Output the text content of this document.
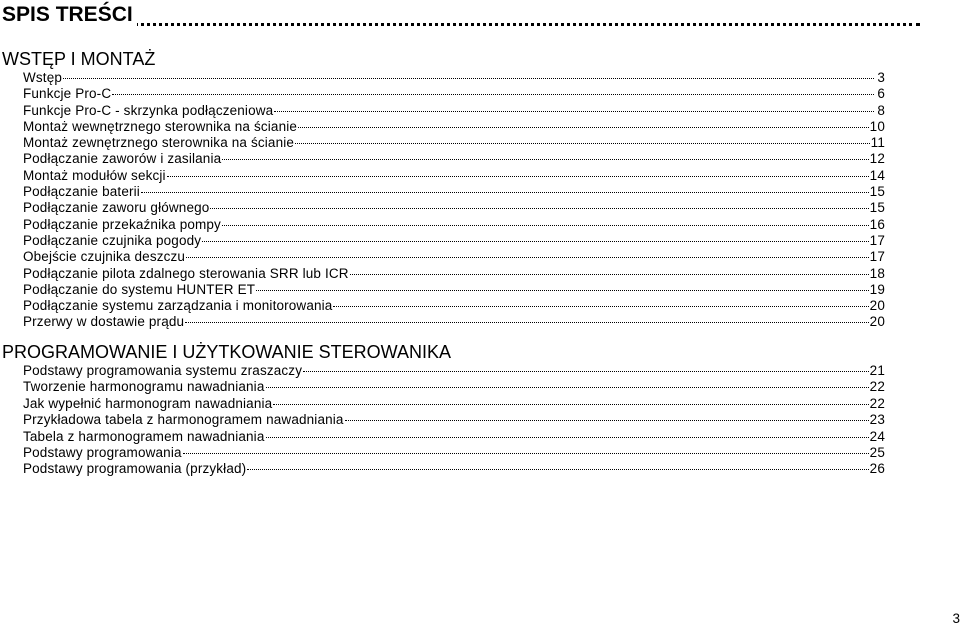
SPIS TREŚCI
WSTĘP I MONTAŻ
Wstęp	3
Funkcje Pro-C	6
Funkcje Pro-C - skrzynka podłączeniowa	8
Montaż wewnętrznego sterownika na ścianie	10
Montaż zewnętrznego sterownika na ścianie	11
Podłączanie zaworów i zasilania	12
Montaż modułów sekcji	14
Podłączanie baterii	15
Podłączanie zaworu głównego	15
Podłączanie przekaźnika pompy	16
Podłączanie czujnika pogody	17
Obejście czujnika deszczu	17
Podłączanie pilota zdalnego sterowania SRR lub ICR	18
Podłączanie do systemu HUNTER ET	19
Podłączanie systemu zarządzania i monitorowania	20
Przerwy w dostawie prądu	20
PROGRAMOWANIE I UŻYTKOWANIE STEROWANIKA
Podstawy programowania systemu zraszaczy	21
Tworzenie harmonogramu nawadniania	22
Jak wypełnić harmonogram nawadniania	22
Przykładowa tabela z harmonogramem nawadniania	23
Tabela z harmonogramem nawadniania	24
Podstawy programowania	25
Podstawy programowania (przykład)	26
3
